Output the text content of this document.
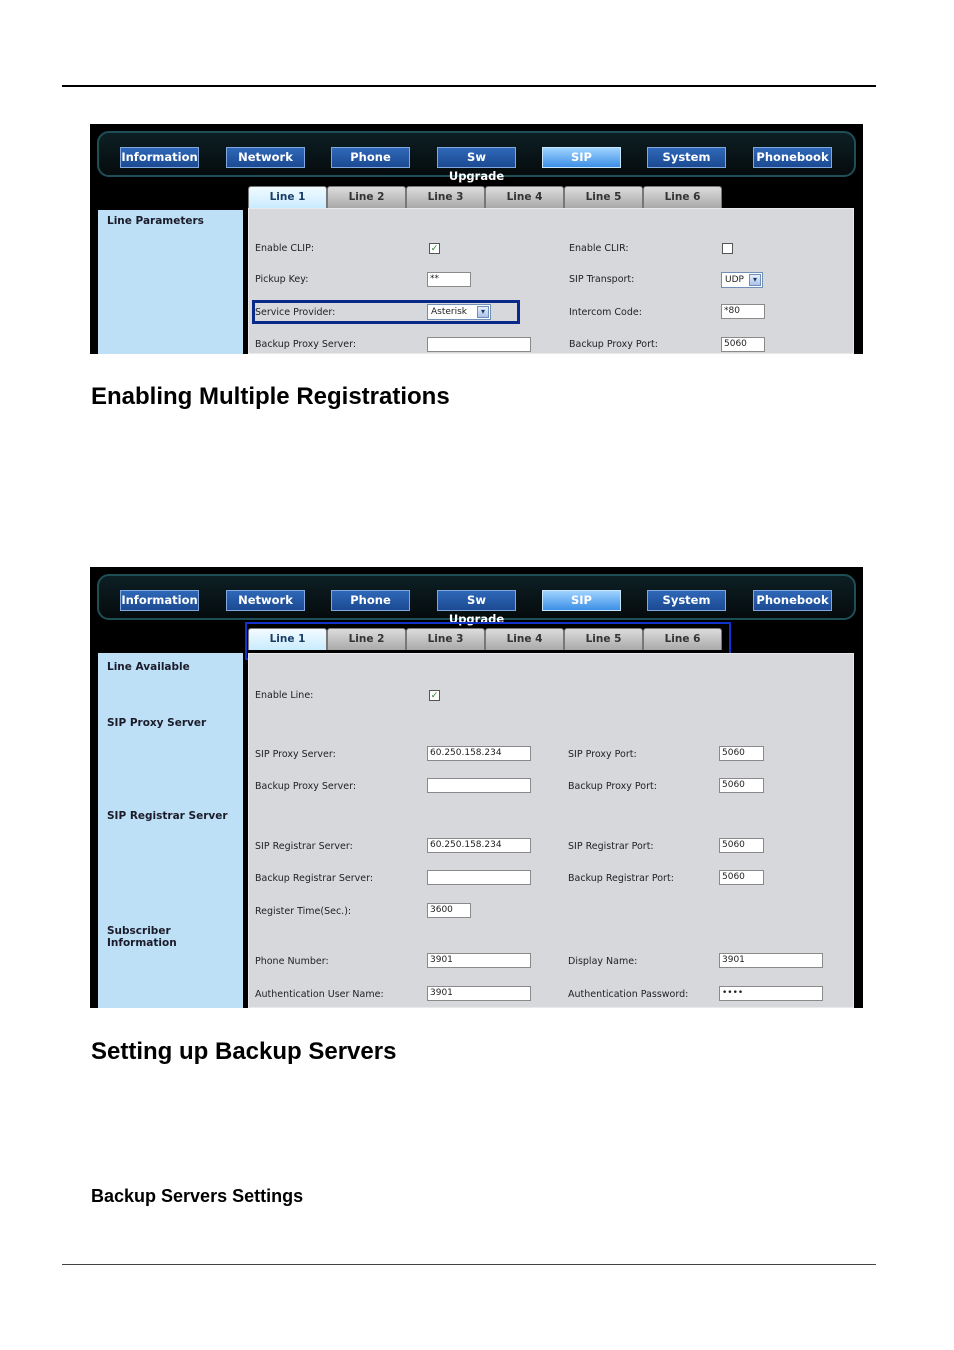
Information	Network	Phone	Sw Upgrade
SIP	System	Phonebook
Line 1	Line 2	Line 3	Line 4	Line 5	Line 6
Line Parameters
Enable CLIP:	✓	Enable CLIR:
Pickup Key:	**	SIP Transport:	UDP	▾
Service Provider:	Asterisk	▾	Intercom Code:	*80
Backup Proxy Server:	Backup Proxy Port:	5060
Enabling Multiple Registrations
Information	Network	Phone	Sw Upgrade
SIP	System	Phonebook
Line 1	Line 2	Line 3	Line 4	Line 5	Line 6
Line Available
SIP Proxy Server
SIP Registrar Server
Subscriber Information
Enable Line:	✓
SIP Proxy Server:	60.250.158.234	SIP Proxy Port:	5060
Backup Proxy Server:	Backup Proxy Port:	5060
SIP Registrar Server:	60.250.158.234	SIP Registrar Port:	5060
Backup Registrar Server:	Backup Registrar Port:	5060
Register Time(Sec.):	3600
Phone Number:	3901	Display Name:	3901
Authentication User Name:	3901	Authentication Password:	••••
Setting up Backup Servers
Backup Servers Settings
